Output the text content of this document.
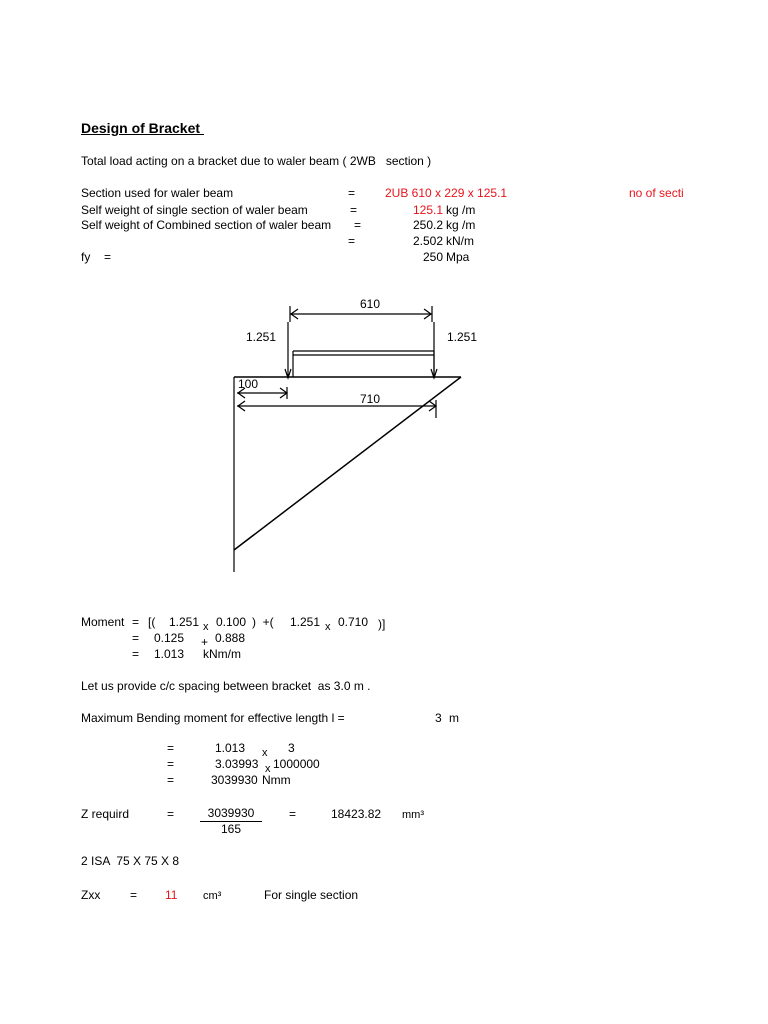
Design of Bracket
Total load acting on a bracket due to waler beam ( 2WB   section )
Section used for waler beam	= 2UB 610 x 229 x 125.1	no of secti
Self weight of single section of waler beam	=	125.1 kg /m
Self weight of Combined section of waler beam =	250.2 kg /m
=	2.502 kN/m
fy =	250 Mpa
610
1.251	1.251
100
710
Moment = [( 1.251 x 0.100 )  +( 1.251 x 0.710 )]
= 0.125 + 0.888
= 1.013 kNm/m
Let us provide c/c spacing between bracket  as 3.0 m .
Maximum Bending moment for effective length l =	3 m
=	1.013 x 3
=	3.03993 x 1000000
=	3039930 Nmm
Z requird	=	3039930
165
=	18423.82 mm³
2 ISA  75 X 75 X 8
Zxx = 11 cm³	For single section
